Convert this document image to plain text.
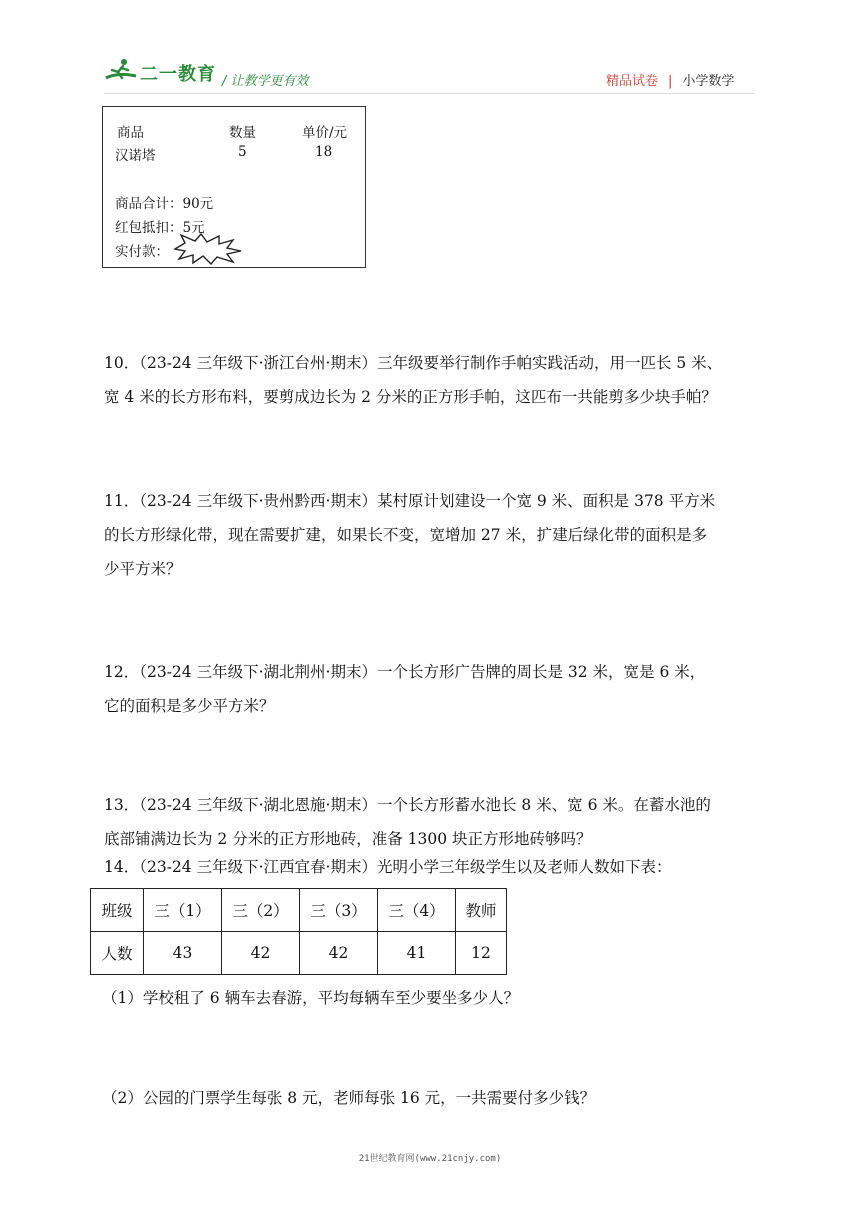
二一教育 / 让教学更有效	精品试卷 | 小学数学
商品	数量	单价/元
汉诺塔	5	18
商品合计：90元
红包抵扣：5元
实付款：
10．（23-24 三年级下·浙江台州·期末）三年级要举行制作手帕实践活动，用一匹长 5 米、
宽 4 米的长方形布料，要剪成边长为 2 分米的正方形手帕，这匹布一共能剪多少块手帕？
11．（23-24 三年级下·贵州黔西·期末）某村原计划建设一个宽 9 米、面积是 378 平方米
的长方形绿化带，现在需要扩建，如果长不变，宽增加 27 米，扩建后绿化带的面积是多
少平方米？
12．（23-24 三年级下·湖北荆州·期末）一个长方形广告牌的周长是 32 米，宽是 6 米，
它的面积是多少平方米？
13．（23-24 三年级下·湖北恩施·期末）一个长方形蓄水池长 8 米、宽 6 米。在蓄水池的
底部铺满边长为 2 分米的正方形地砖，准备 1300 块正方形地砖够吗？
14．（23-24 三年级下·江西宜春·期末）光明小学三年级学生以及老师人数如下表：
班级	三（1）	三（2）	三（3）	三（4）	教师
人数	43	42	42	41	12
（1）学校租了 6 辆车去春游，平均每辆车至少要坐多少人？
（2）公园的门票学生每张 8 元，老师每张 16 元，一共需要付多少钱？
21世纪教育网(www.21cnjy.com)
